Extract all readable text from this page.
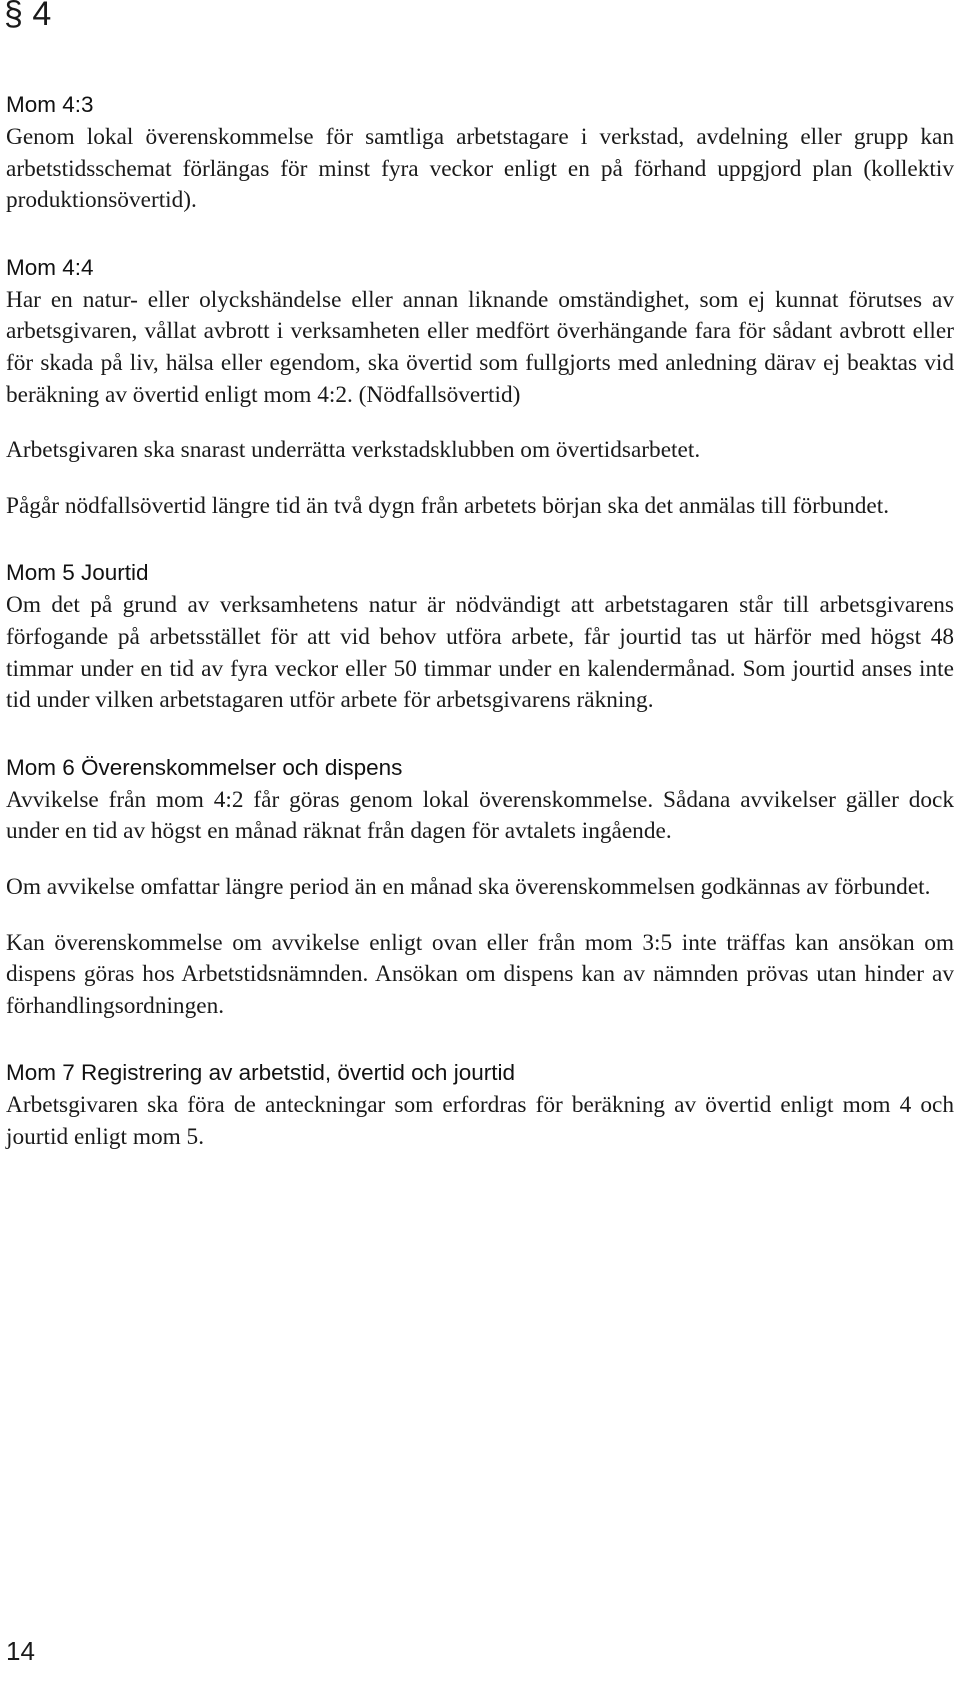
§ 4
Mom 4:3

Genom lokal överenskommelse för samtliga arbetstagare i verkstad, avdelning eller grupp kan arbetstidsschemat förlängas för minst fyra veckor enligt en på förhand uppgjord plan (kollektiv produktionsövertid).

Mom 4:4

Har en natur- eller olyckshändelse eller annan liknande omständighet, som ej kunnat förutses av arbetsgivaren, vållat avbrott i verksamheten eller medfört överhängande fara för sådant avbrott eller för skada på liv, hälsa eller egendom, ska övertid som fullgjorts med anledning därav ej beaktas vid beräkning av övertid enligt mom 4:2. (Nödfallsövertid)

Arbetsgivaren ska snarast underrätta verkstadsklubben om övertidsarbetet.

Pågår nödfallsövertid längre tid än två dygn från arbetets början ska det anmälas till förbundet.

Mom 5 Jourtid

Om det på grund av verksamhetens natur är nödvändigt att arbetstagaren står till arbetsgivarens förfogande på arbetsstället för att vid behov utföra arbete, får jourtid tas ut härför med högst 48 timmar under en tid av fyra veckor eller 50 timmar under en kalendermånad. Som jourtid anses inte tid under vilken arbetstagaren utför arbete för arbetsgivarens räkning.

Mom 6 Överenskommelser och dispens

Avvikelse från mom 4:2 får göras genom lokal överenskommelse. Sådana avvikelser gäller dock under en tid av högst en månad räknat från dagen för avtalets ingående.

Om avvikelse omfattar längre period än en månad ska överenskommelsen godkännas av förbundet.

Kan överenskommelse om avvikelse enligt ovan eller från mom 3:5 inte träffas kan ansökan om dispens göras hos Arbetstidsnämnden. Ansökan om dispens kan av nämnden prövas utan hinder av förhandlingsordningen.

Mom 7 Registrering av arbetstid, övertid och jourtid

Arbetsgivaren ska föra de anteckningar som erfordras för beräkning av övertid enligt mom 4 och jourtid enligt mom 5.

14
